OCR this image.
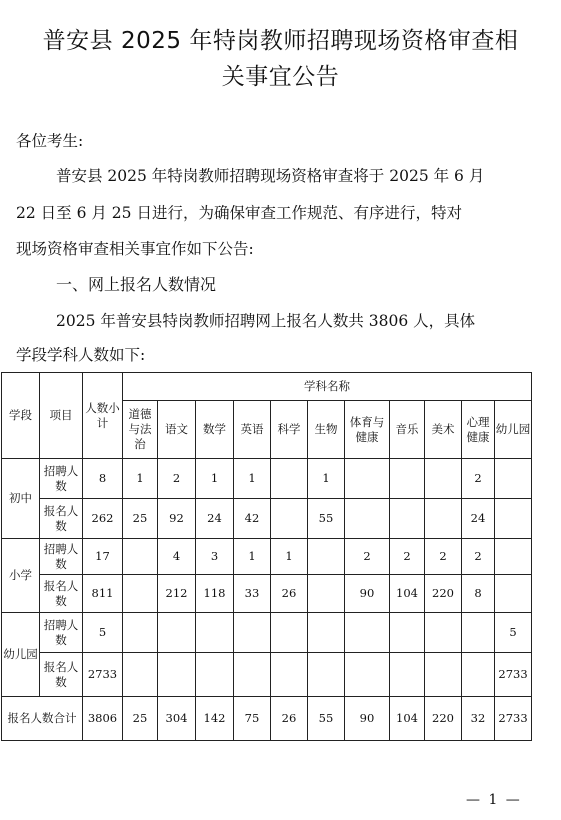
普安县 2025 年特岗教师招聘现场资格审查相
关事宜公告
各位考生:
普安县 2025 年特岗教师招聘现场资格审查将于 2025 年 6 月
22 日至 6 月 25 日进行，为确保审查工作规范、有序进行，特对
现场资格审查相关事宜作如下公告:
一、网上报名人数情况
2025 年普安县特岗教师招聘网上报名人数共 3806 人，具体
学段学科人数如下:
学段	项目	人数小计	学科名称										
			道德与法治	语文	数学	英语	科学	生物	体育与健康	音乐	美术	心理健康	幼儿园
初中	招聘人数	8	1	2	1	1		1				2	
	报名人数	262	25	92	24	42		55				24	
小学	招聘人数	17		4	3	1	1		2	2	2	2	
	报名人数	811		212	118	33	26		90	104	220	8	
幼儿园	招聘人数	5											5
	报名人数	2733											2733
报名人数合计		3806	25	304	142	75	26	55	90	104	220	32	2733
— 1 —
